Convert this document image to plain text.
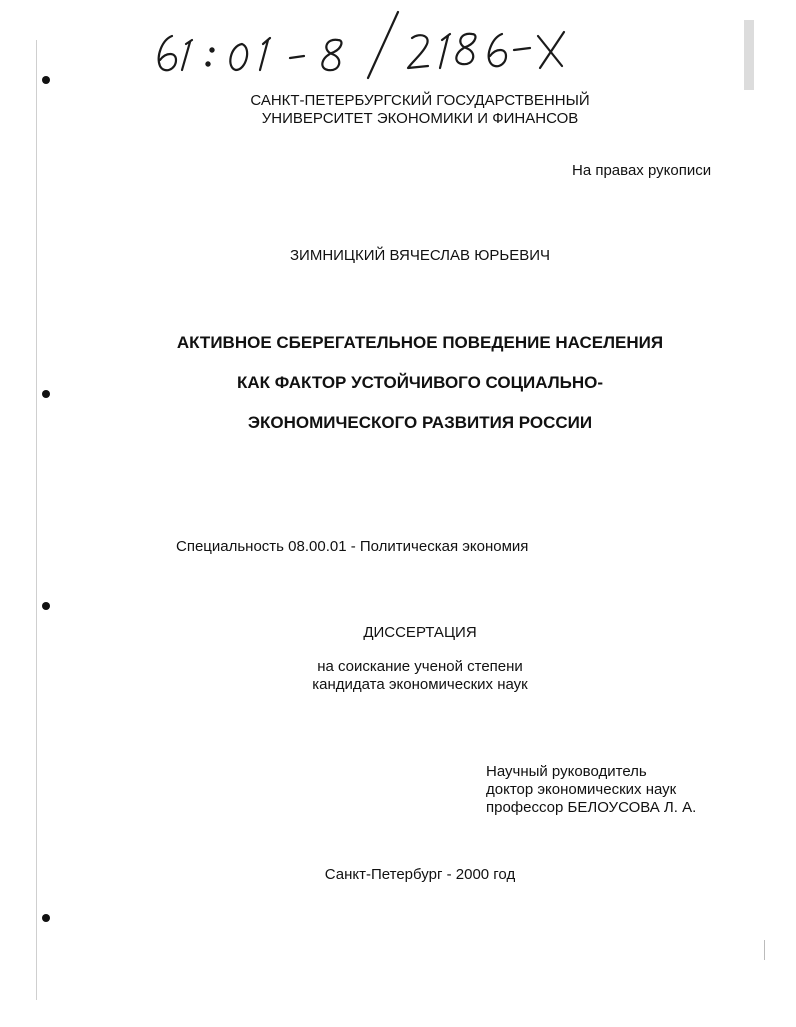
САНКТ-ПЕТЕРБУРГСКИЙ ГОСУДАРСТВЕННЫЙ
УНИВЕРСИТЕТ ЭКОНОМИКИ И ФИНАНСОВ
На правах рукописи
ЗИМНИЦКИЙ ВЯЧЕСЛАВ ЮРЬЕВИЧ
АКТИВНОЕ СБЕРЕГАТЕЛЬНОЕ ПОВЕДЕНИЕ НАСЕЛЕНИЯ
КАК ФАКТОР УСТОЙЧИВОГО СОЦИАЛЬНО-
ЭКОНОМИЧЕСКОГО РАЗВИТИЯ РОССИИ
Специальность 08.00.01 - Политическая экономия
ДИССЕРТАЦИЯ
на соискание ученой степени
кандидата экономических наук
Научный руководитель
доктор экономических наук
профессор БЕЛОУСОВА Л. А.
Санкт-Петербург - 2000 год
